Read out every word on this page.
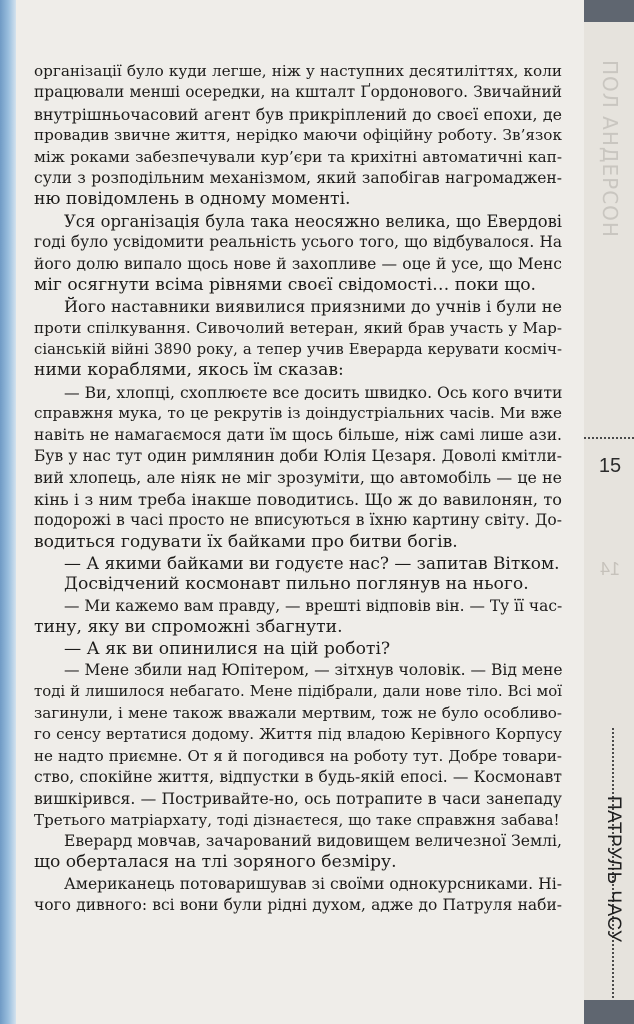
організації було куди легше, ніж у наступних десятиліттях, коли
працювали менші осередки, на кшталт Ґордонового. Звичайний
внутрішньочасовий агент був прикріплений до своєї епохи, де
провадив звичне життя, нерідко маючи офіційну роботу. Зв’язок
між роками забезпечували кур’єри та крихітні автоматичні кап-
сули з розподільним механізмом, який запобігав нагромаджен-
ню повідомлень в одному моменті.
Уся організація була така неосяжно велика, що Евердові
годі було усвідомити реальність усього того, що відбувалося. На
його долю випало щось нове й захопливе — оце й усе, що Менс
міг осягнути всіма рівнями своєї свідомості… поки що.
Його наставники виявилися приязними до учнів і були не
проти спілкування. Сивочолий ветеран, який брав участь у Мар-
сіанській війні 3890 року, а тепер учив Еверарда керувати косміч-
ними кораблями, якось їм сказав:
— Ви, хлопці, схоплюєте все досить швидко. Ось кого вчити
справжня мука, то це рекрутів із доіндустріальних часів. Ми вже
навіть не намагаємося дати їм щось більше, ніж самі лише ази.
Був у нас тут один римлянин доби Юлія Цезаря. Доволі кмітли-
вий хлопець, але ніяк не міг зрозуміти, що автомобіль — це не
кінь і з ним треба інакше поводитись. Що ж до вавилонян, то
подорожі в часі просто не вписуються в їхню картину світу. До-
водиться годувати їх байками про битви богів.
— А якими байками ви годуєте нас? — запитав Вітком.
Досвідчений космонавт пильно поглянув на нього.
— Ми кажемо вам правду, — врешті відповів він. — Ту її час-
тину, яку ви спроможні збагнути.
— А як ви опинилися на цій роботі?
— Мене збили над Юпітером, — зітхнув чоловік. — Від мене
тоді й лишилося небагато. Мене підібрали, дали нове тіло. Всі мої
загинули, і мене також вважали мертвим, тож не було особливо-
го сенсу вертатися додому. Життя під владою Керівного Корпусу
не надто приємне. От я й погодився на роботу тут. Добре товари-
ство, спокійне життя, відпустки в будь-якій епосі. — Космонавт
вишкірився. — Постривайте-но, ось потрапите в часи занепаду
Третього матріархату, тоді дізнаєтеся, що таке справжня забава!
Еверард мовчав, зачарований видовищем величезної Землі,
що оберталася на тлі зоряного безміру.
Американець потоваришував зі своїми однокурсниками. Ні-
чого дивного: всі вони були рідні духом, адже до Патруля наби-
ПОЛ АНДЕРСОН
15
14
ПАТРУЛЬ ЧАСУ
